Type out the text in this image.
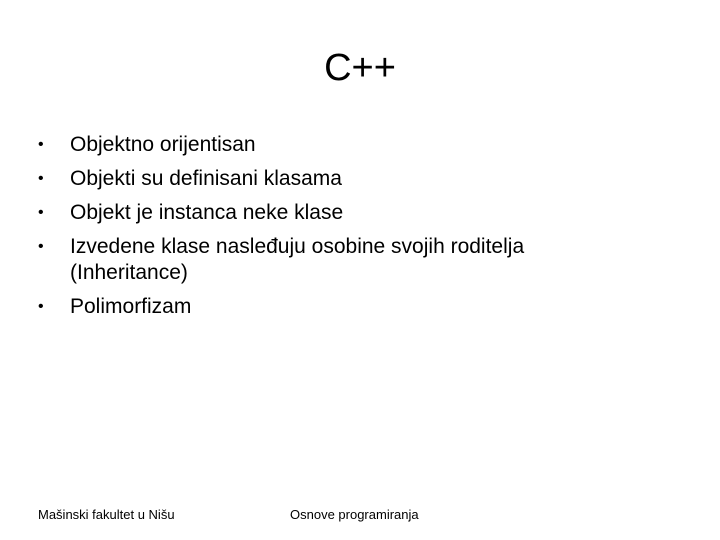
C++
•	Objektno orijentisan
•	Objekti su definisani klasama
•	Objekt je instanca neke klase
•	Izvedene klase nasleđuju osobine svojih roditelja (Inheritance)
•	Polimorfizam
Mašinski fakultet u Nišu	Osnove programiranja
